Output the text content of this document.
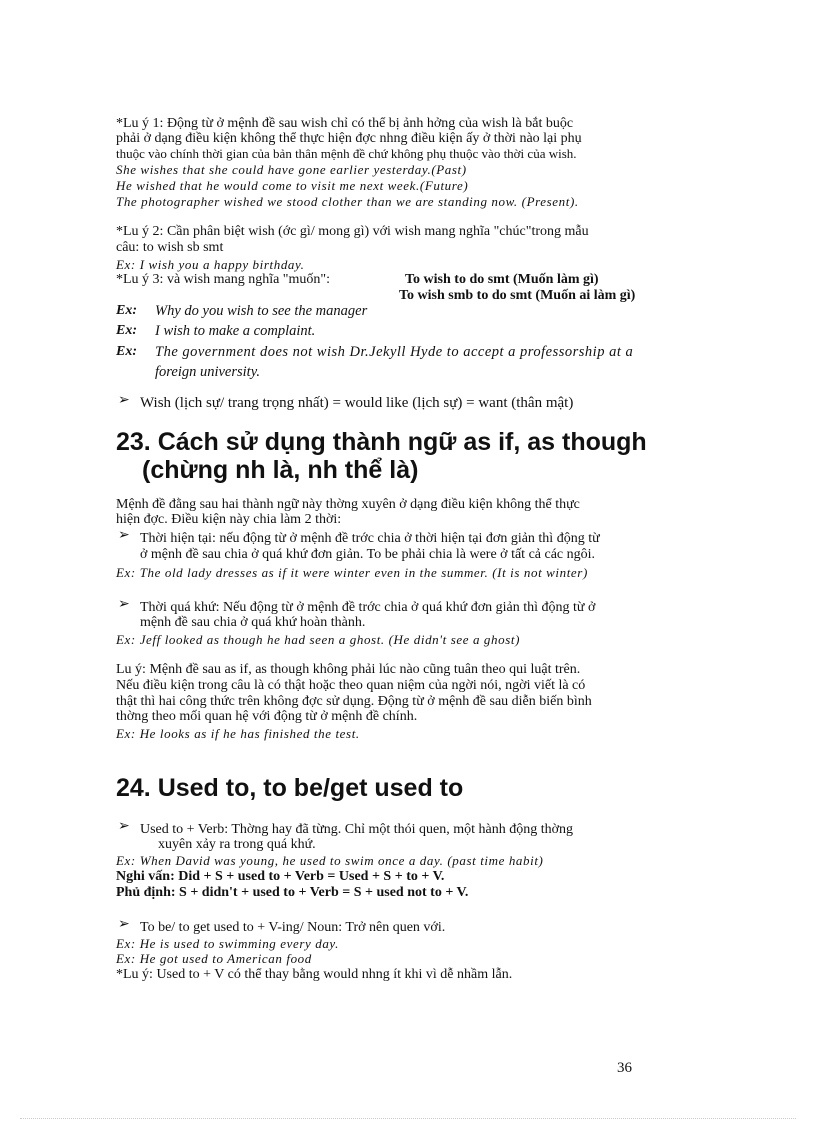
*Lu ý 1: Động từ ở mệnh đề sau wish chỉ có thể bị ảnh hởng của wish là bắt buộc
phải ở dạng điều kiện không thể thực hiện đợc nhng điều kiện ấy ở thời nào lại phụ
thuộc vào chính thời gian của bản thân mệnh đề chứ không phụ thuộc vào thời của wish.
She wishes that she could have gone earlier yesterday.(Past)
He wished that he would come to visit me next week.(Future)
The photographer wished we stood clother than we are standing now. (Present).
*Lu ý 2: Cần phân biệt wish (ớc gì/ mong gì) với wish mang nghĩa "chúc"trong mẫu
câu: to wish sb smt
Ex: I wish you a happy birthday.
*Lu ý 3: và wish mang nghĩa "muốn":	To wish to do smt (Muốn làm gì)
To wish smb to do smt (Muốn ai làm gì)
Ex:	Why do you wish to see the manager
Ex:	I wish to make a complaint.
Ex:	The government does not wish Dr.Jekyll Hyde to accept a professorship at a
foreign university.
➢ Wish (lịch sự/ trang trọng nhất) = would like (lịch sự) = want (thân mật)
23. Cách sử dụng thành ngữ as if, as though
(chừng nh là, nh thể là)
Mệnh đề đằng sau hai thành ngữ này thờng xuyên ở dạng điều kiện không thể thực
hiện đợc. Điều kiện này chia làm 2 thời:
➢ Thời hiện tại: nếu động từ ở mệnh đề trớc chia ở thời hiện tại đơn giản thì động từ
ở mệnh đề sau chia ở quá khứ đơn giản. To be phải chia là were ở tất cả các ngôi.
Ex: The old lady dresses as if it were winter even in the summer. (It is not winter)
➢ Thời quá khứ: Nếu động từ ở mệnh đề trớc chia ở quá khứ đơn giản thì động từ ở
mệnh đề sau chia ở quá khứ hoàn thành.
Ex: Jeff looked as though he had seen a ghost. (He didn't see a ghost)
Lu ý: Mệnh đề sau as if, as though không phải lúc nào cũng tuân theo qui luật trên.
Nếu điều kiện trong câu là có thật hoặc theo quan niệm của ngời nói, ngời viết là có
thật thì hai công thức trên không đợc sử dụng. Động từ ở mệnh đề sau diễn biến bình
thờng theo mối quan hệ với động từ ở mệnh đề chính.
Ex: He looks as if he has finished the test.
24. Used to, to be/get used to
➢ Used to + Verb: Thờng hay đã từng. Chỉ một thói quen, một hành động thờng
xuyên xảy ra trong quá khứ.
Ex: When David was young, he used to swim once a day. (past time habit)
Nghi vấn: Did + S + used to + Verb = Used + S + to + V.
Phủ định: S + didn't + used to + Verb = S + used not to + V.
➢ To be/ to get used to + V-ing/ Noun: Trở nên quen với.
Ex: He is used to swimming every day.
Ex: He got used to American food
*Lu ý: Used to + V có thể thay bằng would nhng ít khi vì dễ nhầm lẫn.
36
